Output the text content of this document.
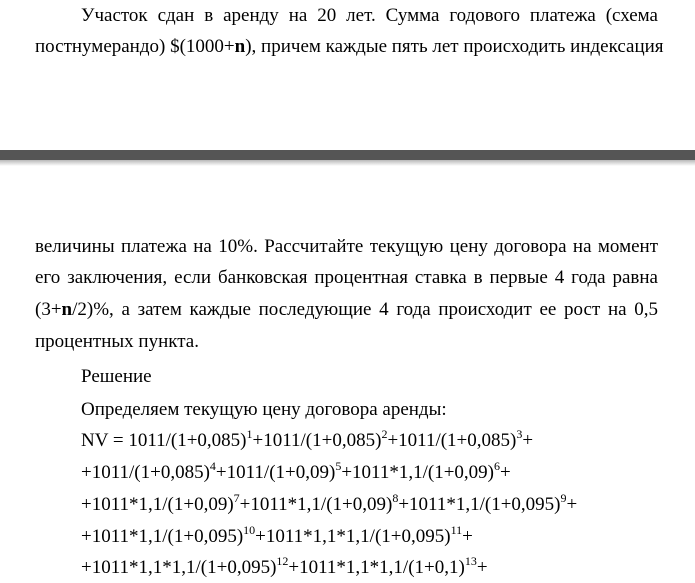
Участок сдан в аренду на 20 лет. Сумма годового платежа (схема
постнумерандо) $(1000+n), причем каждые пять лет происходить индексация
величины платежа на 10%. Рассчитайте текущую цену договора на момент
его заключения, если банковская процентная ставка в первые 4 года равна
(3+n/2)%, а затем каждые последующие 4 года происходит ее рост на 0,5
процентных пункта.
Решение
Определяем текущую цену договора аренды:
NV = $1011/(1+0,085)^1+1011/(1+0,085)^2+1011/(1+0,085)^3+$
$+1011/(1+0,085)^4+1011/(1+0,09)^5+1011*1,1/(1+0,09)^6+$
$+1011*1,1/(1+0,09)^7+1011*1,1/(1+0,09)^8+1011*1,1/(1+0,095)^9+$
$+1011*1,1/(1+0,095)^{10}+1011*1,1*1,1/(1+0,095)^{11}+$
$+1011*1,1*1,1/(1+0,095)^{12}+1011*1,1*1,1/(1+0,1)^{13}+$
